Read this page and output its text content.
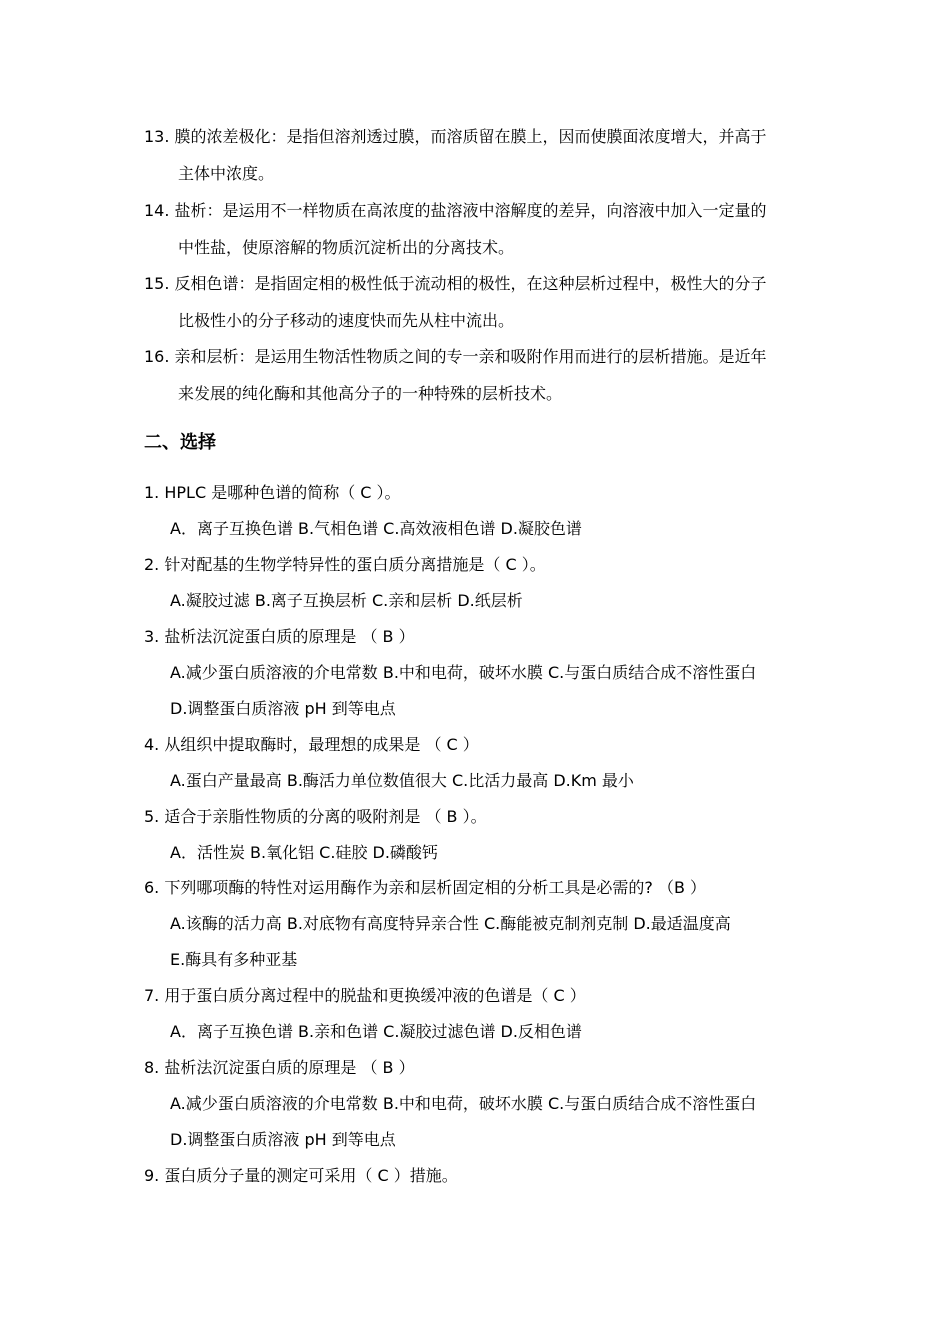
13. 膜的浓差极化：是指但溶剂透过膜，而溶质留在膜上，因而使膜面浓度增大，并高于
主体中浓度。
14. 盐析：是运用不一样物质在高浓度的盐溶液中溶解度的差异，向溶液中加入一定量的
中性盐，使原溶解的物质沉淀析出的分离技术。
15. 反相色谱：是指固定相的极性低于流动相的极性，在这种层析过程中，极性大的分子
比极性小的分子移动的速度快而先从柱中流出。
16. 亲和层析：是运用生物活性物质之间的专一亲和吸附作用而进行的层析措施。是近年
来发展的纯化酶和其他高分子的一种特殊的层析技术。
二、选择
1. HPLC 是哪种色谱的简称（ C ）。
A．离子互换色谱 B.气相色谱 C.高效液相色谱 D.凝胶色谱
2. 针对配基的生物学特异性的蛋白质分离措施是（ C ）。
A.凝胶过滤 B.离子互换层析 C.亲和层析 D.纸层析
3. 盐析法沉淀蛋白质的原理是 （ B ）
A.减少蛋白质溶液的介电常数 B.中和电荷，破坏水膜 C.与蛋白质结合成不溶性蛋白
D.调整蛋白质溶液 pH 到等电点
4. 从组织中提取酶时，最理想的成果是 （ C ）
A.蛋白产量最高 B.酶活力单位数值很大 C.比活力最高 D.Km 最小
5. 适合于亲脂性物质的分离的吸附剂是 （ B ）。
A．活性炭 B.氧化铝 C.硅胶 D.磷酸钙
6. 下列哪项酶的特性对运用酶作为亲和层析固定相的分析工具是必需的? （B ）
A.该酶的活力高 B.对底物有高度特异亲合性 C.酶能被克制剂克制 D.最适温度高
E.酶具有多种亚基
7. 用于蛋白质分离过程中的脱盐和更换缓冲液的色谱是（ C ）
A．离子互换色谱 B.亲和色谱 C.凝胶过滤色谱 D.反相色谱
8. 盐析法沉淀蛋白质的原理是 （ B ）
A.减少蛋白质溶液的介电常数 B.中和电荷，破坏水膜 C.与蛋白质结合成不溶性蛋白
D.调整蛋白质溶液 pH 到等电点
9. 蛋白质分子量的测定可采用（ C ）措施。
